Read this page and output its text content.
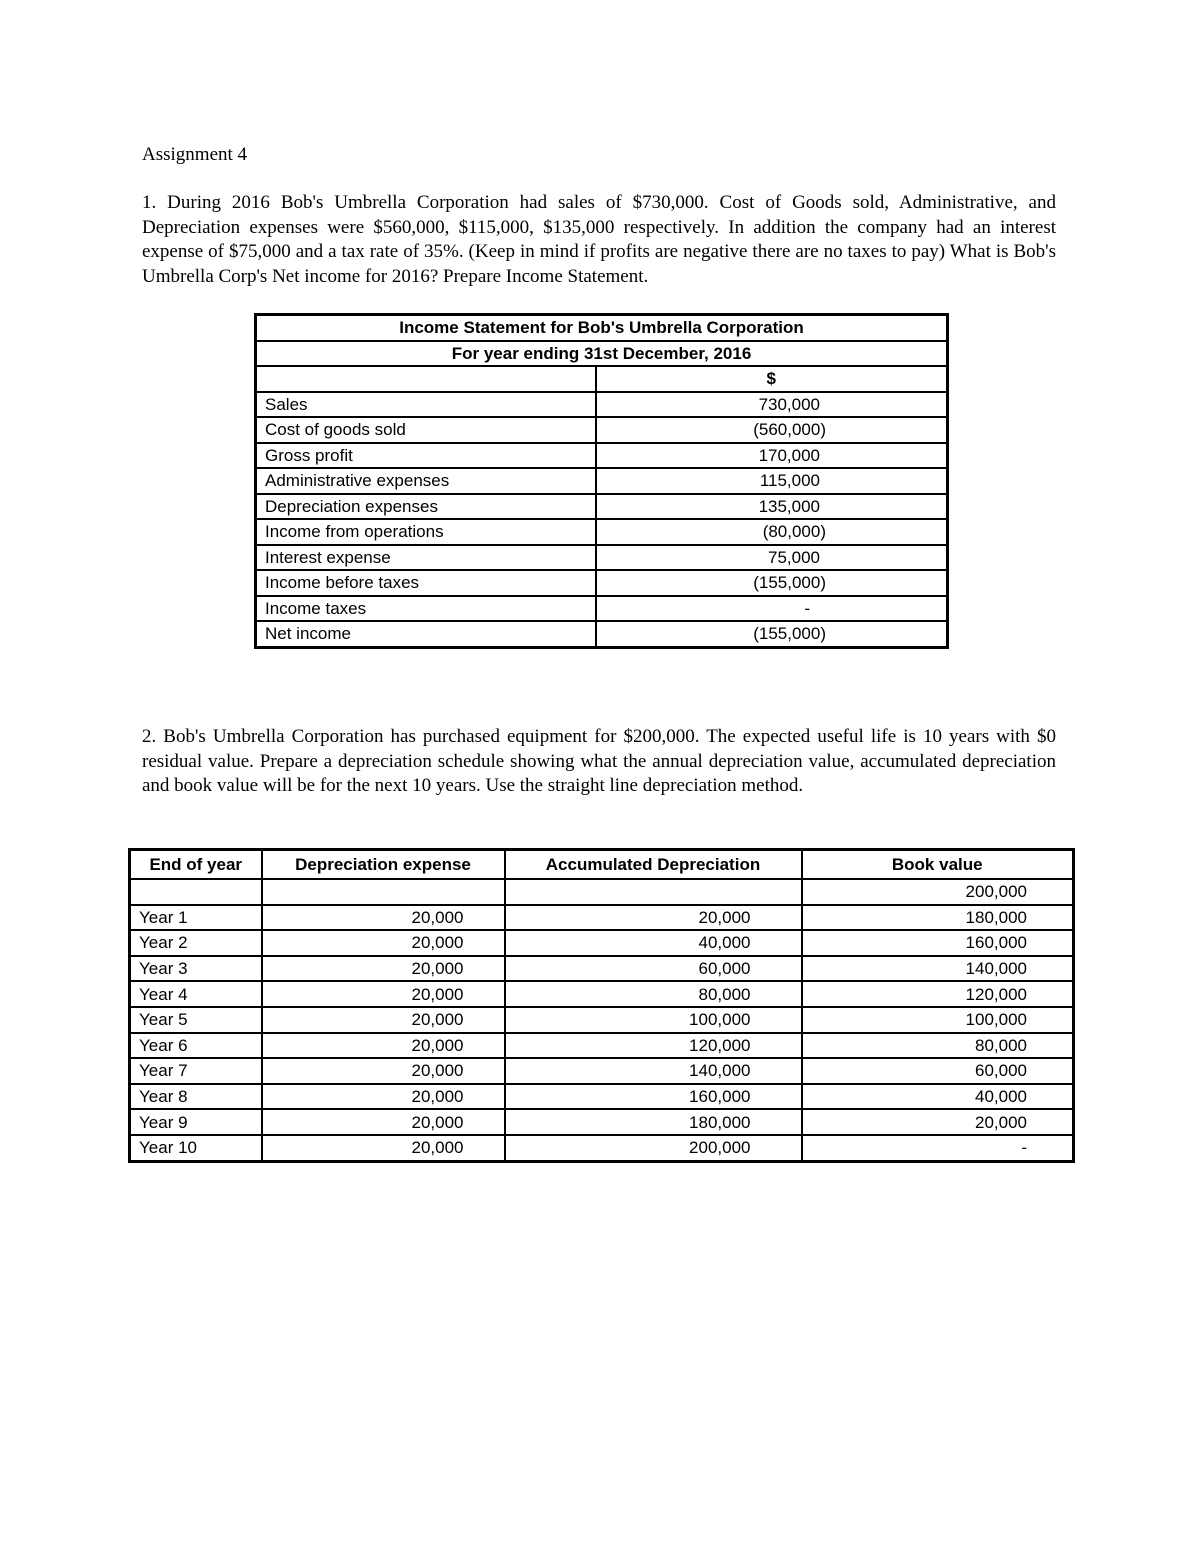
Assignment 4

1. During 2016 Bob's Umbrella Corporation had sales of $730,000. Cost of Goods sold, Administrative, and Depreciation expenses were $560,000, $115,000, $135,000 respectively. In addition the company had an interest expense of $75,000 and a tax rate of 35%. (Keep in mind if profits are negative there are no taxes to pay) What is Bob's Umbrella Corp's Net income for 2016? Prepare Income Statement.

Income Statement for Bob's Umbrella Corporation	
For year ending 31st December, 2016	
	$
Sales	730,000
Cost of goods sold	(560,000)
Gross profit	170,000
Administrative expenses	115,000
Depreciation expenses	135,000
Income from operations	(80,000)
Interest expense	75,000
Income before taxes	(155,000)
Income taxes	-
Net income	(155,000)

2. Bob's Umbrella Corporation has purchased equipment for $200,000. The expected useful life is 10 years with $0 residual value. Prepare a depreciation schedule showing what the annual depreciation value, accumulated depreciation and book value will be for the next 10 years. Use the straight line depreciation method.

End of year	Depreciation expense	Accumulated Depreciation	Book value
			200,000
Year 1	20,000	20,000	180,000
Year 2	20,000	40,000	160,000
Year 3	20,000	60,000	140,000
Year 4	20,000	80,000	120,000
Year 5	20,000	100,000	100,000
Year 6	20,000	120,000	80,000
Year 7	20,000	140,000	60,000
Year 8	20,000	160,000	40,000
Year 9	20,000	180,000	20,000
Year 10	20,000	200,000	-
